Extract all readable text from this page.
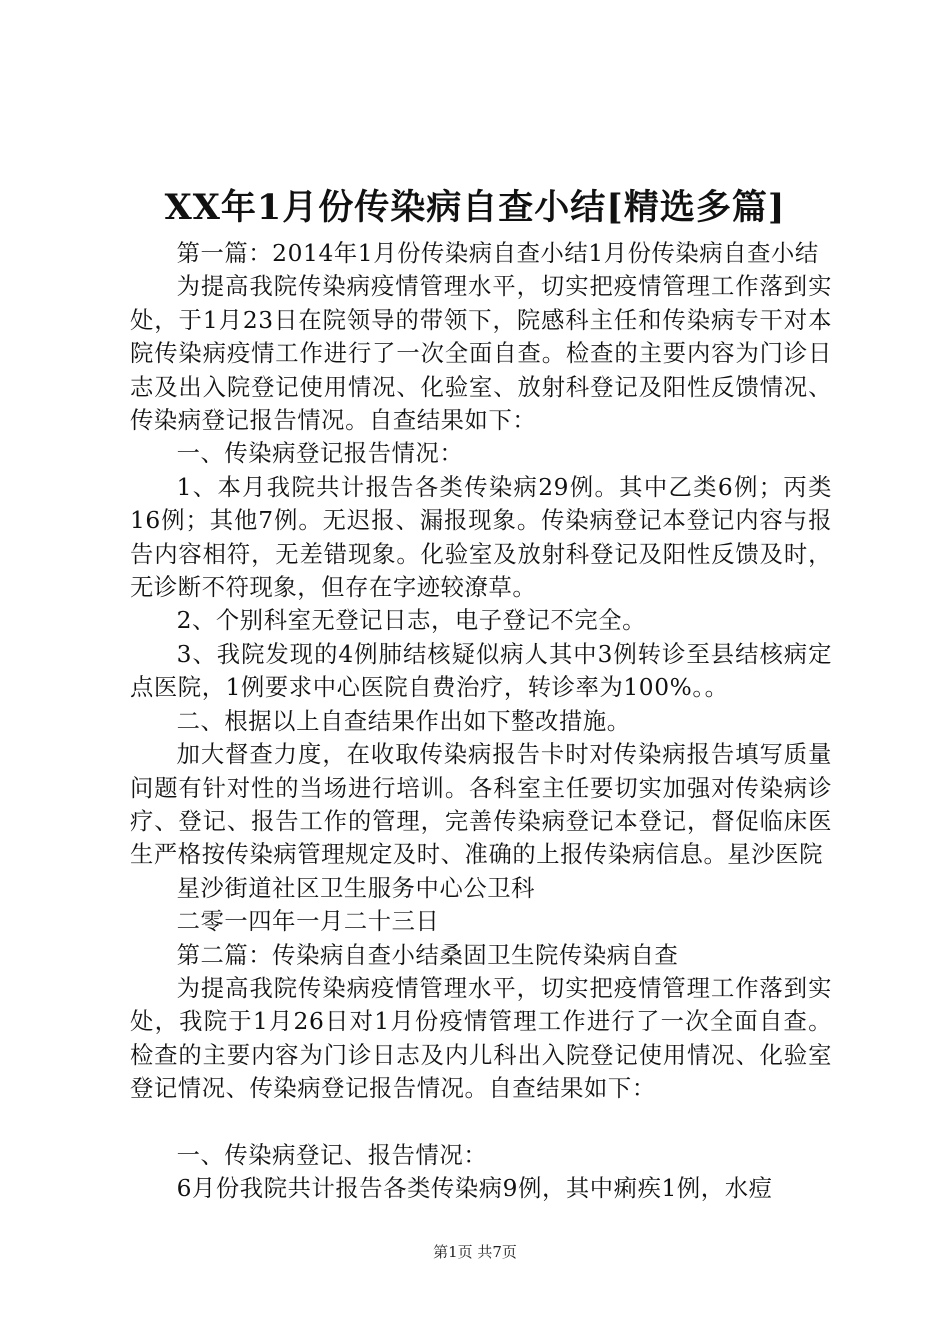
XX年1月份传染病自查小结[精选多篇]

第一篇：2014年1月份传染病自查小结1月份传染病自查小结

为提高我院传染病疫情管理水平，切实把疫情管理工作落到实处，于1月23日在院领导的带领下，院感科主任和传染病专干对本院传染病疫情工作进行了一次全面自查。检查的主要内容为门诊日志及出入院登记使用情况、化验室、放射科登记及阳性反馈情况、传染病登记报告情况。自查结果如下：

一、传染病登记报告情况：

1、本月我院共计报告各类传染病29例。其中乙类6例；丙类16例；其他7例。无迟报、漏报现象。传染病登记本登记内容与报告内容相符，无差错现象。化验室及放射科登记及阳性反馈及时，无诊断不符现象，但存在字迹较潦草。

2、个别科室无登记日志，电子登记不完全。

3、我院发现的4例肺结核疑似病人其中3例转诊至县结核病定点医院，1例要求中心医院自费治疗，转诊率为100%。。

二、根据以上自查结果作出如下整改措施。

加大督查力度，在收取传染病报告卡时对传染病报告填写质量问题有针对性的当场进行培训。各科室主任要切实加强对传染病诊疗、登记、报告工作的管理，完善传染病登记本登记，督促临床医生严格按传染病管理规定及时、准确的上报传染病信息。星沙医院

星沙街道社区卫生服务中心公卫科

二零一四年一月二十三日

第二篇：传染病自查小结桑固卫生院传染病自查

为提高我院传染病疫情管理水平，切实把疫情管理工作落到实处，我院于1月26日对1月份疫情管理工作进行了一次全面自查。检查的主要内容为门诊日志及内儿科出入院登记使用情况、化验室登记情况、传染病登记报告情况。自查结果如下：

一、传染病登记、报告情况：

6月份我院共计报告各类传染病9例，其中痢疾1例，水痘

第1页 共7页
